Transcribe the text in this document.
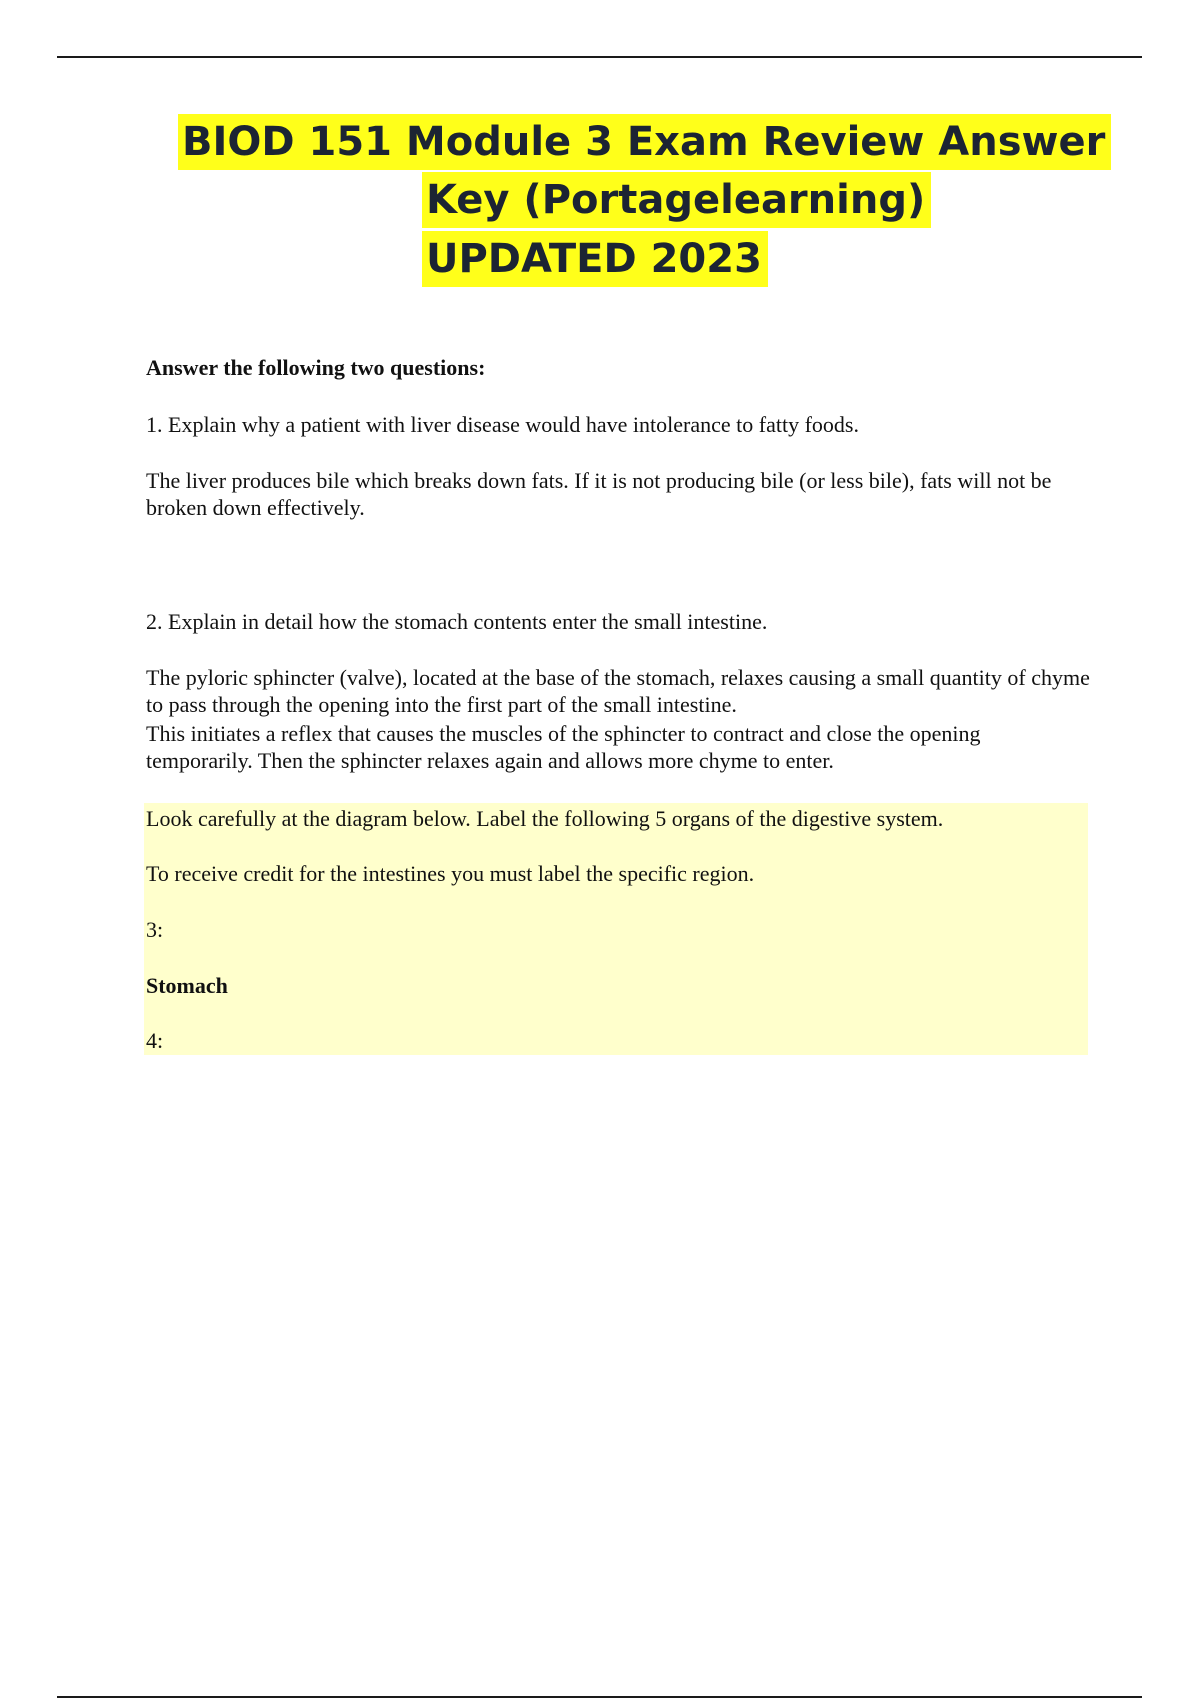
BIOD 151 Module 3 Exam Review Answer
Key (Portagelearning)
UPDATED 2023
Answer the following two questions:
1. Explain why a patient with liver disease would have intolerance to fatty foods.
The liver produces bile which breaks down fats. If it is not producing bile (or less bile), fats will not be broken down effectively.
2. Explain in detail how the stomach contents enter the small intestine.
The pyloric sphincter (valve), located at the base of the stomach, relaxes causing a small quantity of chyme to pass through the opening into the first part of the small intestine.
This initiates a reflex that causes the muscles of the sphincter to contract and close the opening temporarily. Then the sphincter relaxes again and allows more chyme to enter.
Look carefully at the diagram below. Label the following 5 organs of the digestive system.
To receive credit for the intestines you must label the specific region.
3:
Stomach
4:
